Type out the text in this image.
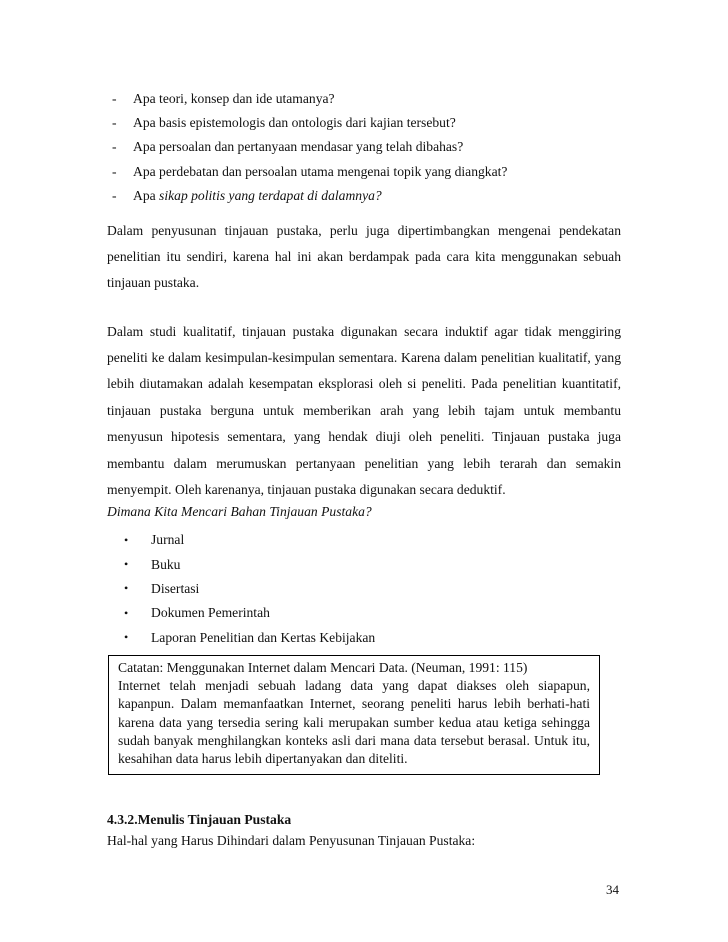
-	Apa teori, konsep dan ide utamanya?
-	Apa basis epistemologis dan ontologis dari kajian tersebut?
-	Apa persoalan dan pertanyaan mendasar yang telah dibahas?
-	Apa perdebatan dan persoalan utama mengenai topik yang diangkat?
-	Apa sikap politis yang terdapat di dalamnya?

Dalam penyusunan tinjauan pustaka, perlu juga dipertimbangkan mengenai pendekatan penelitian itu sendiri, karena hal ini akan berdampak pada cara kita menggunakan sebuah tinjauan pustaka.

Dalam studi kualitatif, tinjauan pustaka digunakan secara induktif agar tidak menggiring peneliti ke dalam kesimpulan-kesimpulan sementara. Karena dalam penelitian kualitatif, yang lebih diutamakan adalah kesempatan eksplorasi oleh si peneliti. Pada penelitian kuantitatif, tinjauan pustaka berguna untuk memberikan arah yang lebih tajam untuk membantu menyusun hipotesis sementara, yang hendak diuji oleh peneliti. Tinjauan pustaka juga membantu dalam merumuskan pertanyaan penelitian yang lebih terarah dan semakin menyempit. Oleh karenanya, tinjauan pustaka digunakan secara deduktif.

Dimana Kita Mencari Bahan Tinjauan Pustaka?
•	Jurnal
•	Buku
•	Disertasi
•	Dokumen Pemerintah
•	Laporan Penelitian dan Kertas Kebijakan

Catatan: Menggunakan Internet dalam Mencari Data. (Neuman, 1991: 115)

Internet telah menjadi sebuah ladang data yang dapat diakses oleh siapapun, kapanpun. Dalam memanfaatkan Internet, seorang peneliti harus lebih berhati-hati karena data yang tersedia sering kali merupakan sumber kedua atau ketiga sehingga sudah banyak menghilangkan konteks asli dari mana data tersebut berasal. Untuk itu, kesahihan data harus lebih dipertanyakan dan diteliti.

4.3.2.Menulis Tinjauan Pustaka
Hal-hal yang Harus Dihindari dalam Penyusunan Tinjauan Pustaka:
34
